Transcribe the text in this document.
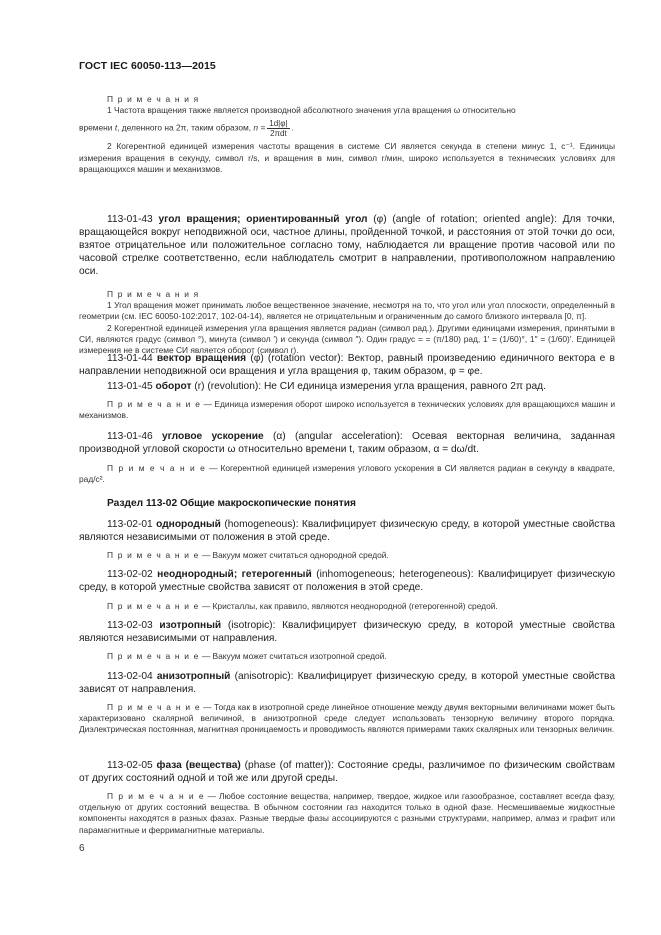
ГОСТ IEC 60050-113—2015

П р и м е ч а н и я

1 Частота вращения также является производной абсолютного значения угла вращения ω относительно

времени t, деленного на 2π, таким образом, $n = \frac{1d|\varphi|}{\text{2πdt}}$ .

2 Когерентной единицей измерения частоты вращения в системе СИ является секунда в степени минус 1, с⁻¹. Единицы измерения вращения в секунду, символ r/s, и вращения в мин, символ r/мин, широко используется в технических условиях для вращающихся машин и механизмов.

113-01-43 угол вращения; ориентированный угол (φ) (angle of rotation; oriented angle): Для точки, вращающейся вокруг неподвижной оси, частное длины, пройденной точкой, и расстояния от этой точки до оси, взятое отрицательное или положительное согласно тому, наблюдается ли вращение против часовой или по часовой стрелке соответственно, если наблюдатель смотрит в направлении, противоположном направлению оси.

П р и м е ч а н и я

1 Угол вращения может принимать любое вещественное значение, несмотря на то, что угол или угол плоскости, определенный в геометрии (см. IEC 60050-102:2017, 102-04-14), является не отрицательным и ограниченным до самого близкого интервала [0, π].

2 Когерентной единицей измерения угла вращения является радиан (символ рад.). Другими единицами измерения, принятыми в СИ, являются градус (символ °), минута (символ ′) и секунда (символ ″). Один градус = = (π/180) рад, 1′ = (1/60)°, 1″ = (1/60)′. Единицей измерения не в системе СИ является оборот (символ r).

113-01-44 вектор вращения (φ) (rotation vector): Вектор, равный произведению единичного вектора e в направлении неподвижной оси вращения и угла вращения φ, таким образом, φ = φe.

113-01-45 оборот (r) (revolution): Не СИ единица измерения угла вращения, равного 2π рад.

П р и м е ч а н и е — Единица измерения оборот широко используется в технических условиях для вращающихся машин и механизмов.

113-01-46 угловое ускорение (α) (angular acceleration): Осевая векторная величина, заданная производной угловой скорости ω относительно времени t, таким образом, α = dω/dt.

П р и м е ч а н и е — Когерентной единицей измерения углового ускорения в СИ является радиан в секунду в квадрате, рад/с².

Раздел 113-02 Общие макроскопические понятия

113-02-01 однородный (homogeneous): Квалифицирует физическую среду, в которой уместные свойства являются независимыми от положения в этой среде.

П р и м е ч а н и е — Вакуум может считаться однородной средой.

113-02-02 неоднородный; гетерогенный (inhomogeneous; heterogeneous): Квалифицирует физическую среду, в которой уместные свойства зависят от положения в этой среде.

П р и м е ч а н и е — Кристаллы, как правило, являются неоднородной (гетерогенной) средой.

113-02-03 изотропный (isotropic): Квалифицирует физическую среду, в которой уместные свойства являются независимыми от направления.

П р и м е ч а н и е — Вакуум может считаться изотропной средой.

113-02-04 анизотропный (anisotropic): Квалифицирует физическую среду, в которой уместные свойства зависят от направления.

П р и м е ч а н и е — Тогда как в изотропной среде линейное отношение между двумя векторными величинами может быть характеризовано скалярной величиной, в анизотропной среде следует использовать тензорную величину второго порядка. Диэлектрическая постоянная, магнитная проницаемость и проводимость являются примерами таких скалярных или тензорных величин.

113-02-05 фаза (вещества) (phase (of matter)): Состояние среды, различимое по физическим свойствам от других состояний одной и той же или другой среды.

П р и м е ч а н и е — Любое состояние вещества, например, твердое, жидкое или газообразное, составляет всегда фазу, отдельную от других состояний вещества. В обычном состоянии газ находится только в одной фазе. Несмешиваемые жидкостные компоненты находятся в разных фазах. Разные твердые фазы ассоциируются с разными структурами, например, алмаз и графит или парамагнитные и ферримагнитные материалы.

6
